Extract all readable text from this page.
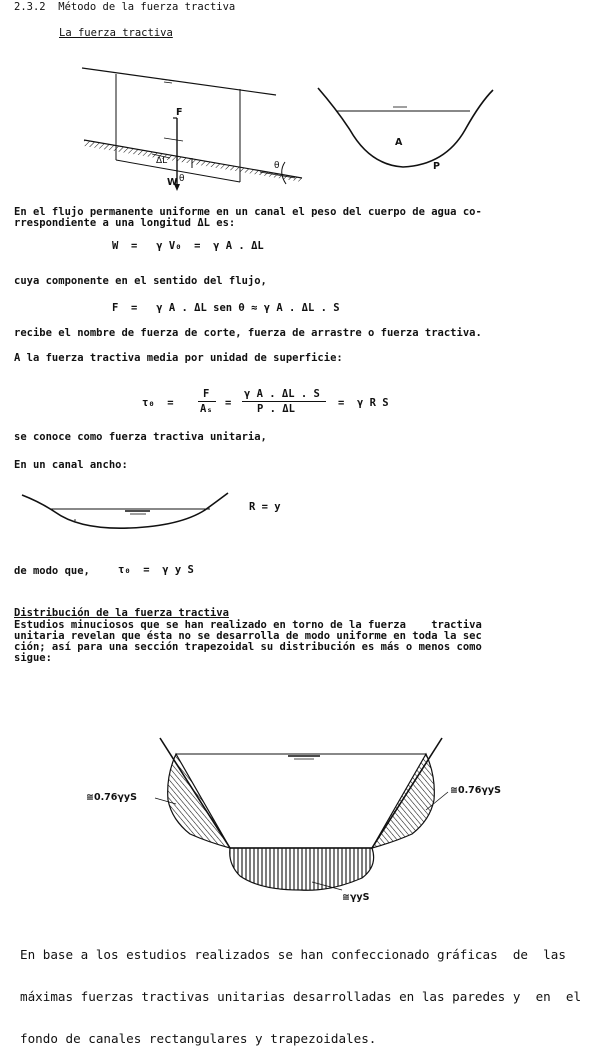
2.3.2  Método de la fuerza tractiva
La fuerza tractiva
F
ΔL
θ
W
θ
A
P
En el flujo permanente uniforme en un canal el peso del cuerpo de agua co-
rrespondiente a una longitud ΔL es:
W  =   γ V₀  =  γ A . ΔL
cuya componente en el sentido del flujo,
F  =   γ A . ΔL sen θ ≈ γ A . ΔL . S
recibe el nombre de fuerza de corte, fuerza de arrastre o fuerza tractiva.
A la fuerza tractiva media por unidad de superficie:
τ₀  =
F
Aₛ =
γ A . ΔL . S
P . ΔL	=  γ R S
se conoce como fuerza tractiva unitaria,
En un canal ancho:
R = y
de modo que,	τ₀  =  γ y S
Distribución de la fuerza tractiva
Estudios minuciosos que se han realizado en torno de la fuerza    tractiva
unitaria revelan que ésta no se desarrolla de modo uniforme en toda la sec
ción; así para una sección trapezoidal su distribución es más o menos como
sigue:
≅0.76γyS
≅0.76γyS
≅γyS

En base a los estudios realizados se han confeccionado gráficas  de  las

máximas fuerzas tractivas unitarias desarrolladas en las paredes y  en  el

fondo de canales rectangulares y trapezoidales.
